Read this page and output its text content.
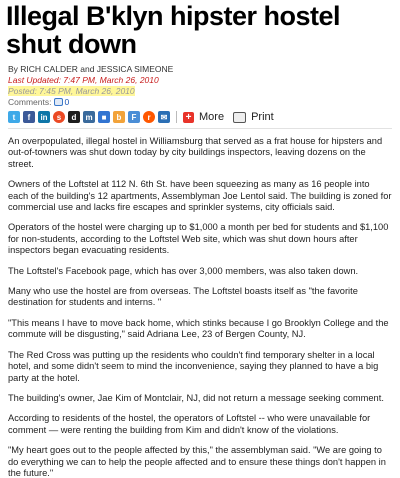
Illegal B'klyn hipster hostel shut down
By RICH CALDER and JESSICA SIMEONE
Last Updated: 7:47 PM, March 26, 2010
Posted: 7:45 PM, March 26, 2010
Comments: 0
t	f	in	s	d	m	■	b	F	r	✉ + More Print

An overpopulated, illegal hostel in Williamsburg that served as a frat house for hipsters and out-of-towners was shut down today by city buildings inspectors, leaving dozens on the street.

Owners of the Loftstel at 112 N. 6th St. have been squeezing as many as 16 people into each of the building's 12 apartments, Assemblyman Joe Lentol said. The building is zoned for commercial use and lacks fire escapes and sprinkler systems, city officials said.

Operators of the hostel were charging up to $1,000 a month per bed for students and $1,100 for non-students, according to the Loftstel Web site, which was shut down hours after inspectors began evacuating residents.

The Loftstel's Facebook page, which has over 3,000 members, was also taken down.

Many who use the hostel are from overseas. The Loftstel boasts itself as "the favorite destination for students and interns. "

"This means I have to move back home, which stinks because I go Brooklyn College and the commute will be disgusting," said Adriana Lee, 23 of Bergen County, NJ.

The Red Cross was putting up the residents who couldn't find temporary shelter in a local hotel, and some didn't seem to mind the inconvenience, saying they planned to have a big party at the hotel.

The building's owner, Jae Kim of Montclair, NJ, did not return a message seeking comment.

According to residents of the hostel, the operators of Loftstel -- who were unavailable for comment — were renting the building from Kim and didn't know of the violations.

"My heart goes out to the people affected by this," the assemblyman said. "We are going to do everything we can to help the people affected and to ensure these things don't happen in the future."
